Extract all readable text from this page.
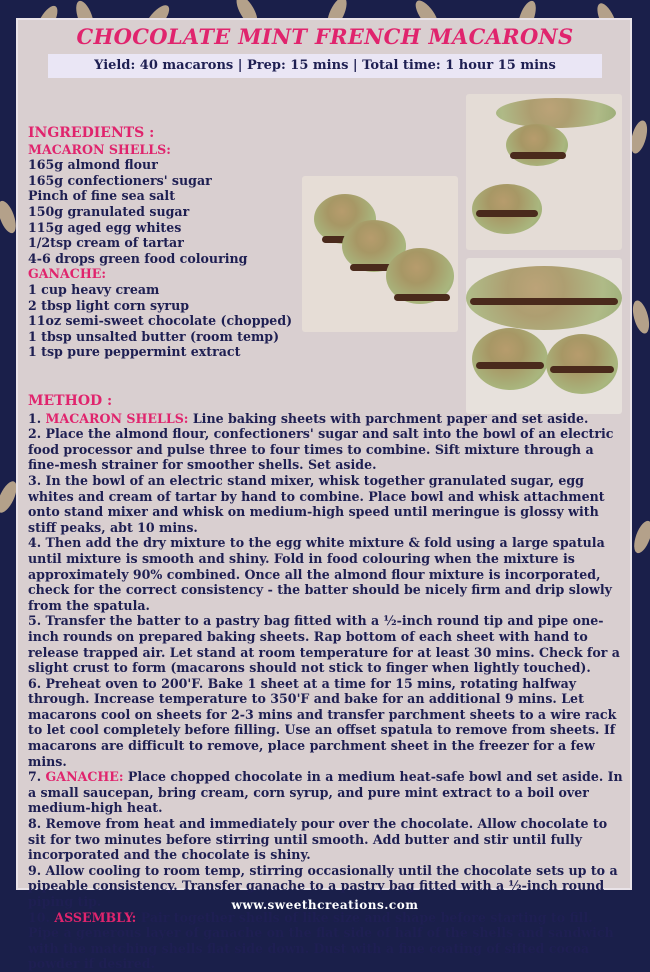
CHOCOLATE MINT FRENCH MACARONS
Yield: 40 macarons | Prep: 15 mins | Total time: 1 hour 15 mins
INGREDIENTS :
MACARON SHELLS:
165g almond flour
165g confectioners' sugar
Pinch of fine sea salt
150g granulated sugar
115g aged egg whites
1/2tsp cream of tartar
4-6 drops green food colouring
GANACHE:
1 cup heavy cream
2 tbsp light corn syrup
11oz semi-sweet chocolate (chopped)
1 tbsp unsalted butter (room temp)
1 tsp pure peppermint extract
METHOD :
1. MACARON SHELLS: Line baking sheets with parchment paper and set aside.
2. Place the almond flour, confectioners' sugar and salt into the bowl of an electric food processor and pulse three to four times to combine. Sift mixture through a fine-mesh strainer for smoother shells. Set aside.
3. In the bowl of an electric stand mixer, whisk together granulated sugar, egg whites and cream of tartar by hand to combine. Place bowl and whisk attachment onto stand mixer and whisk on medium-high speed until meringue is glossy with stiff peaks, abt 10 mins.
4. Then add the dry mixture to the egg white mixture & fold using a large spatula until mixture is smooth and shiny. Fold in food colouring when the mixture is approximately 90% combined. Once all the almond flour mixture is incorporated, check for the correct consistency - the batter should be nicely firm and drip slowly from the spatula.
5. Transfer the batter to a pastry bag fitted with a ½-inch round tip and pipe one-inch rounds on prepared baking sheets. Rap bottom of each sheet with hand to release trapped air. Let stand at room temperature for at least 30 mins. Check for a slight crust to form (macarons should not stick to finger when lightly touched).
6. Preheat oven to 200'F. Bake 1 sheet at a time for 15 mins, rotating halfway through. Increase temperature to 350'F and bake for an additional 9 mins. Let macarons cool on sheets for 2-3 mins and transfer parchment sheets to a wire rack to let cool completely before filling. Use an offset spatula to remove from sheets. If macarons are difficult to remove, place parchment sheet in the freezer for a few mins.
7. GANACHE: Place chopped chocolate in a medium heat-safe bowl and set aside. In a small saucepan, bring cream, corn syrup, and pure mint extract to a boil over medium-high heat.
8. Remove from heat and immediately pour over the chocolate. Allow chocolate to sit for two minutes before stirring until smooth. Add butter and stir until fully incorporated and the chocolate is shiny.
9. Allow cooling to room temp, stirring occasionally until the chocolate sets up to a pipeable consistency. Transfer ganache to a pastry bag fitted with a ½-inch round piping tip.
10. ASSEMBLY: Pair together shells of like size and shape before starting to fill. Pipe a generous layer of ganache on the flat side of half of the shells and sandwich with the matching shells flat side down. Dust with a fine coating of sifted cocoa powder if desired.
www.sweethcreations.com
